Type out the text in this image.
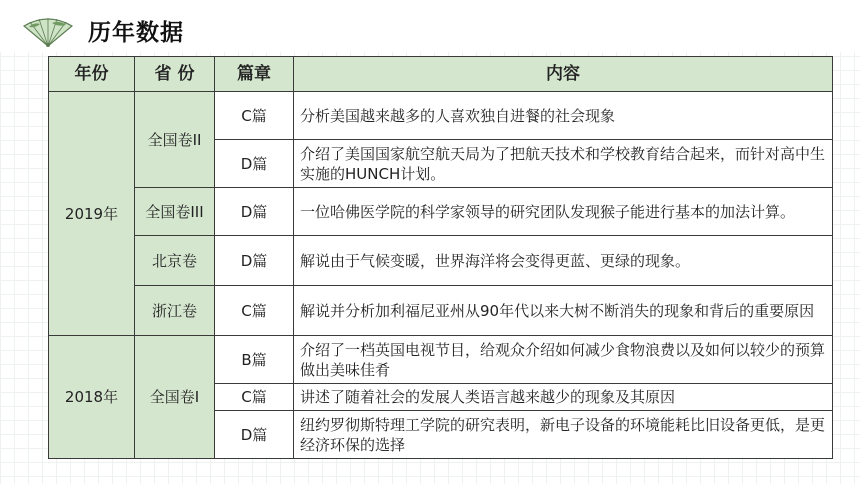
历年数据
年份	省 份	篇章	内容
2019年	全国卷II	C篇	分析美国越来越多的人喜欢独自进餐的社会现象
		D篇	介绍了美国国家航空航天局为了把航天技术和学校教育结合起来，而针对高中生实施的HUNCH计划。
	全国卷III	D篇	一位哈佛医学院的科学家领导的研究团队发现猴子能进行基本的加法计算。
	北京卷	D篇	解说由于气候变暖，世界海洋将会变得更蓝、更绿的现象。
	浙江卷	C篇	解说并分析加利福尼亚州从90年代以来大树不断消失的现象和背后的重要原因
2018年	全国卷I	B篇	介绍了一档英国电视节目，给观众介绍如何减少食物浪费以及如何以较少的预算做出美味佳肴
		C篇	讲述了随着社会的发展人类语言越来越少的现象及其原因
		D篇	纽约罗彻斯特理工学院的研究表明，新电子设备的环境能耗比旧设备更低，是更经济环保的选择
